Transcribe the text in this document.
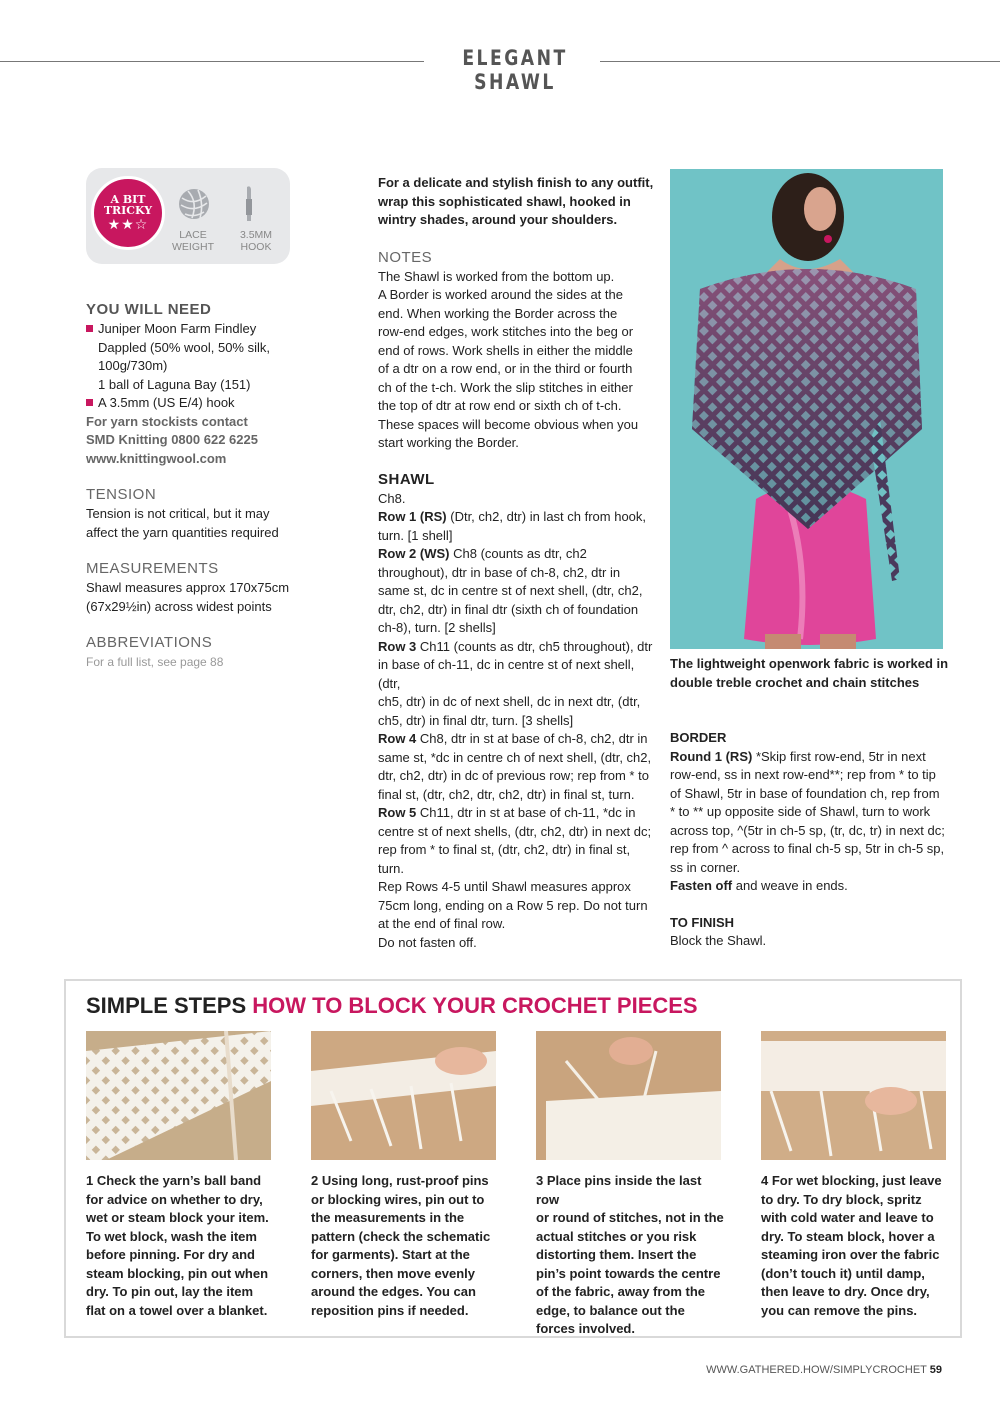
ELEGANT SHAWL
A BIT
TRICKY
★★☆
LACE
WEIGHT
3.5MM
HOOK
YOU WILL NEED
Juniper Moon Farm Findley
Dappled (50% wool, 50% silk,
100g/730m)
1 ball of Laguna Bay (151)
A 3.5mm (US E/4) hook
For yarn stockists contact
SMD Knitting 0800 622 6225
www.knittingwool.com
TENSION
Tension is not critical, but it may
affect the yarn quantities required
MEASUREMENTS
Shawl measures approx 170x75cm
(67x29½in) across widest points
ABBREVIATIONS
For a full list, see page 88

For a delicate and stylish finish to any outfit,

wrap this sophisticated shawl, hooked in

wintry shades, around your shoulders.

NOTES

The Shawl is worked from the bottom up.

A Border is worked around the sides at the

end. When working the Border across the

row-end edges, work stitches into the beg or

end of rows. Work shells in either the middle

of a dtr on a row end, or in the third or fourth

ch of the t-ch. Work the slip stitches in either

the top of dtr at row end or sixth ch of t-ch.

These spaces will become obvious when you

start working the Border.

SHAWL

Ch8.

Row 1 (RS) (Dtr, ch2, dtr) in last ch from hook,

turn. [1 shell]

Row 2 (WS) Ch8 (counts as dtr, ch2

throughout), dtr in base of ch-8, ch2, dtr in

same st, dc in centre st of next shell, (dtr, ch2,

dtr, ch2, dtr) in final dtr (sixth ch of foundation

ch-8), turn. [2 shells]

Row 3 Ch11 (counts as dtr, ch5 throughout), dtr

in base of ch-11, dc in centre st of next shell, (dtr,

ch5, dtr) in dc of next shell, dc in next dtr, (dtr,

ch5, dtr) in final dtr, turn. [3 shells]

Row 4 Ch8, dtr in st at base of ch-8, ch2, dtr in

same st, *dc in centre ch of next shell, (dtr, ch2,

dtr, ch2, dtr) in dc of previous row; rep from * to

final st, (dtr, ch2, dtr, ch2, dtr) in final st, turn.

Row 5 Ch11, dtr in st at base of ch-11, *dc in

centre st of next shells, (dtr, ch2, dtr) in next dc;

rep from * to final st, (dtr, ch2, dtr) in final st,

turn.

Rep Rows 4-5 until Shawl measures approx

75cm long, ending on a Row 5 rep. Do not turn

at the end of final row.

Do not fasten off.

The lightweight openwork fabric is worked in

double treble crochet and chain stitches

BORDER

Round 1 (RS) *Skip first row-end, 5tr in next

row-end, ss in next row-end**; rep from * to tip

of Shawl, 5tr in base of foundation ch, rep from

* to ** up opposite side of Shawl, turn to work

across top, ^(5tr in ch-5 sp, (tr, dc, tr) in next dc;

rep from ^ across to final ch-5 sp, 5tr in ch-5 sp,

ss in corner.

Fasten off and weave in ends.

TO FINISH

Block the Shawl.

SIMPLE STEPS HOW TO BLOCK YOUR CROCHET PIECES
1 Check the yarn’s ball band
for advice on whether to dry,
wet or steam block your item.
To wet block, wash the item
before pinning. For dry and
steam blocking, pin out when
dry. To pin out, lay the item
flat on a towel over a blanket.
2 Using long, rust-proof pins
or blocking wires, pin out to
the measurements in the
pattern (check the schematic
for garments). Start at the
corners, then move evenly
around the edges. You can
reposition pins if needed.
3 Place pins inside the last row
or round of stitches, not in the
actual stitches or you risk
distorting them. Insert the
pin’s point towards the centre
of the fabric, away from the
edge, to balance out the
forces involved.
4 For wet blocking, just leave
to dry. To dry block, spritz
with cold water and leave to
dry. To steam block, hover a
steaming iron over the fabric
(don’t touch it) until damp,
then leave to dry. Once dry,
you can remove the pins.
WWW.GATHERED.HOW/SIMPLYCROCHET 59
